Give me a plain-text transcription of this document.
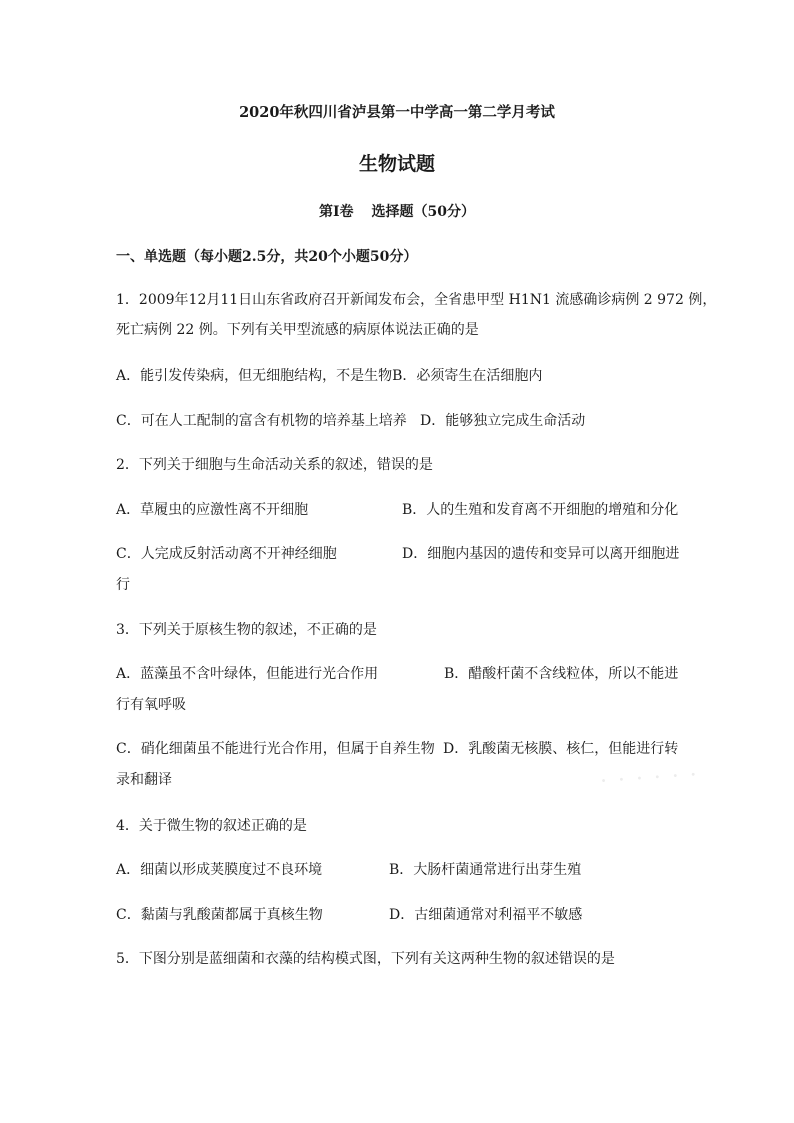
2020年秋四川省泸县第一中学高一第二学月考试
生物试题
第I卷 选择题（50分）
一、单选题（每小题2.5分，共20个小题50分）
1．2009年12月11日山东省政府召开新闻发布会，全省患甲型 H1N1 流感确诊病例 2 972 例，
死亡病例 22 例。下列有关甲型流感的病原体说法正确的是
A．能引发传染病，但无细胞结构，不是生物B．必须寄生在活细胞内
C．可在人工配制的富含有机物的培养基上培养 D．能够独立完成生命活动
2．下列关于细胞与生命活动关系的叙述，错误的是
A．草履虫的应激性离不开细胞	B．人的生殖和发育离不开细胞的增殖和分化
C．人完成反射活动离不开神经细胞	D．细胞内基因的遗传和变异可以离开细胞进
行
3．下列关于原核生物的叙述，不正确的是
A．蓝藻虽不含叶绿体，但能进行光合作用	B．醋酸杆菌不含线粒体，所以不能进
行有氧呼吸
C．硝化细菌虽不能进行光合作用，但属于自养生物 D．乳酸菌无核膜、核仁，但能进行转
录和翻译	· · · · · ·
4．关于微生物的叙述正确的是
A．细菌以形成荚膜度过不良环境	B．大肠杆菌通常进行出芽生殖
C．黏菌与乳酸菌都属于真核生物	D．古细菌通常对利福平不敏感
5．下图分别是蓝细菌和衣藻的结构模式图，下列有关这两种生物的叙述错误的是
